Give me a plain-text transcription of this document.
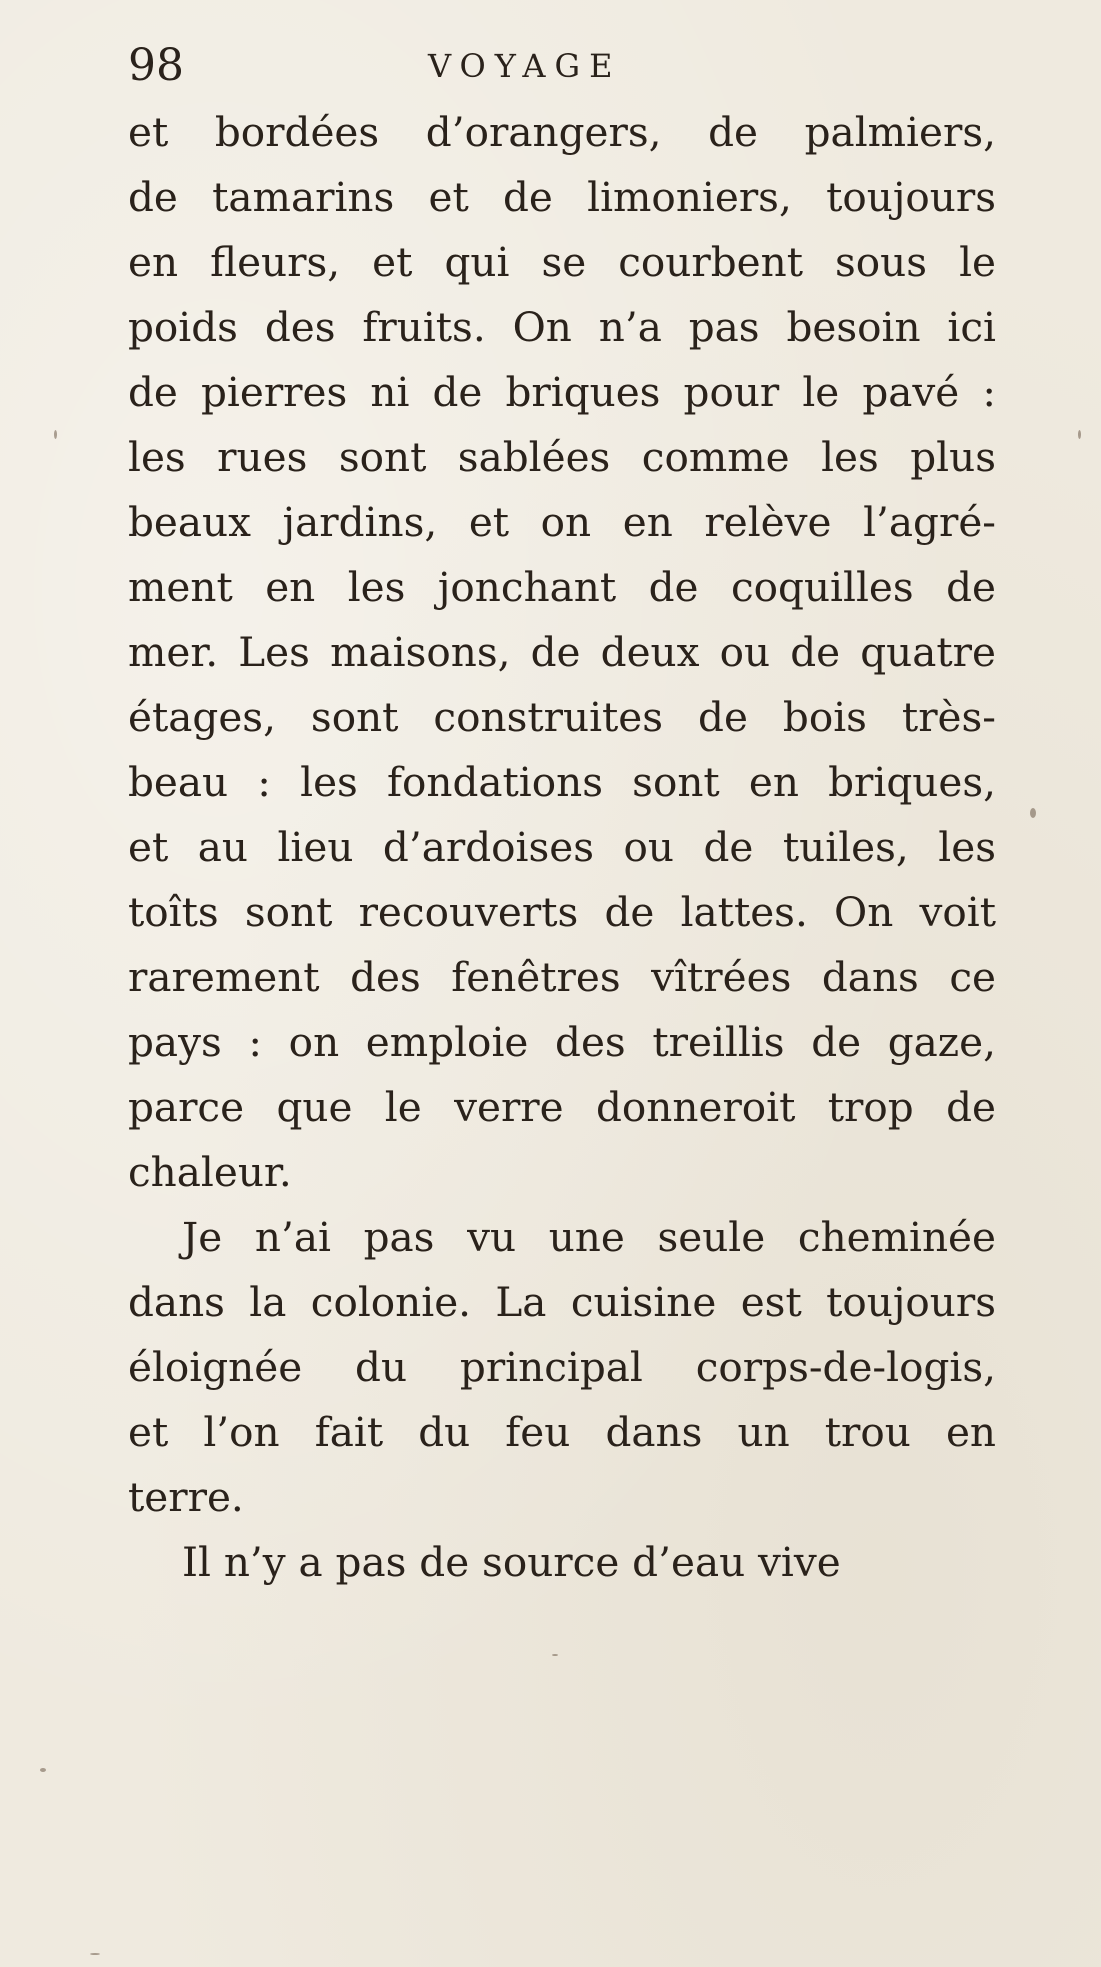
98	VOYAGE
et bordées d’orangers, de palmiers,
de tamarins et de limoniers, toujours
en fleurs, et qui se courbent sous le
poids des fruits. On n’a pas besoin ici
de pierres ni de briques pour le pavé :
les rues sont sablées comme les plus
beaux jardins, et on en relève l’agré-
ment en les jonchant de coquilles de
mer. Les maisons, de deux ou de quatre
étages, sont construites de bois très-
beau : les fondations sont en briques,
et au lieu d’ardoises ou de tuiles, les
toîts sont recouverts de lattes. On voit
rarement des fenêtres vîtrées dans ce
pays : on emploie des treillis de gaze,
parce que le verre donneroit trop de
chaleur.
Je n’ai pas vu une seule cheminée
dans la colonie. La cuisine est toujours
éloignée du principal corps-de-logis,
et l’on fait du feu dans un trou en
terre.
Il n’y a pas de source d’eau vive
